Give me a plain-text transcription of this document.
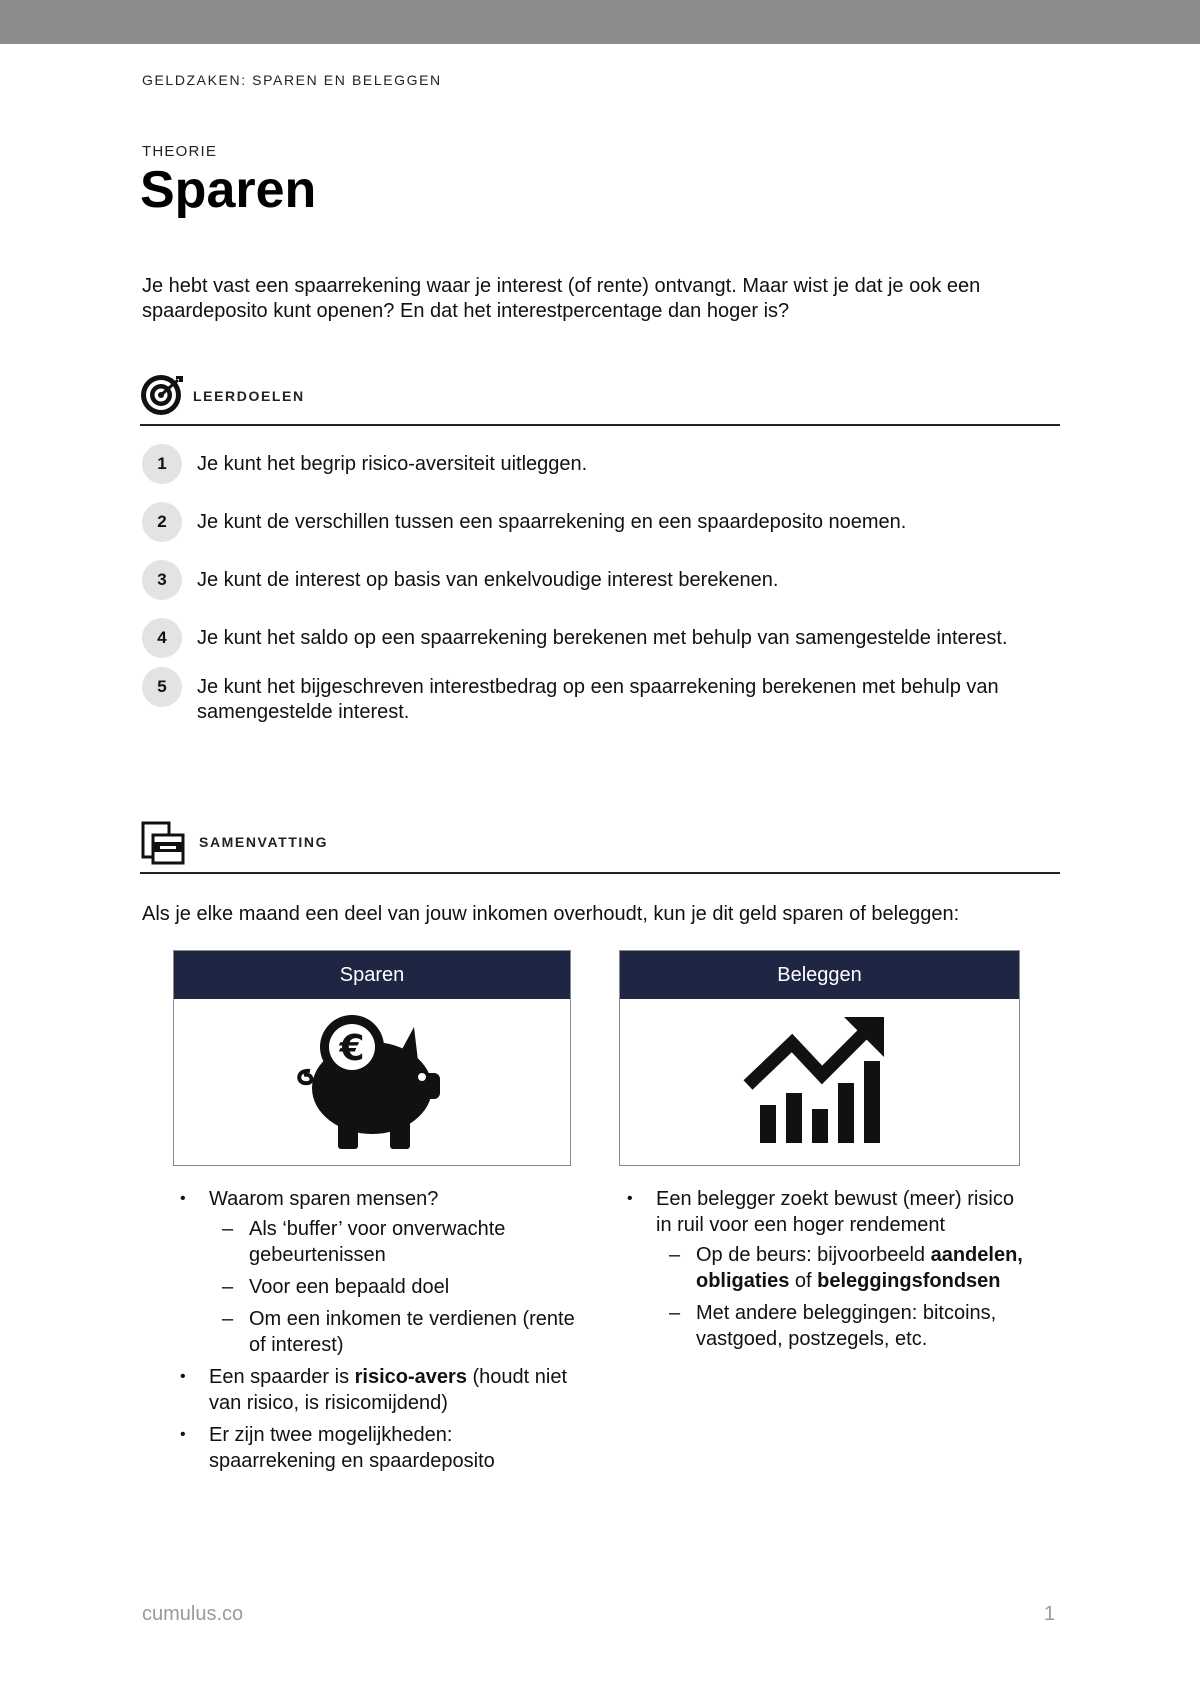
GELDZAKEN: SPAREN EN BELEGGEN
THEORIE
Sparen

Je hebt vast een spaarrekening waar je interest (of rente) ontvangt. Maar wist je dat je ook een spaardeposito kunt openen? En dat het interestpercentage dan hoger is?

LEERDOELEN
1	Je kunt het begrip risico-aversiteit uitleggen.
2	Je kunt de verschillen tussen een spaarrekening en een spaardeposito noemen.
3	Je kunt de interest op basis van enkelvoudige interest berekenen.
4	Je kunt het saldo op een spaarrekening berekenen met behulp van samengestelde interest.
5	Je kunt het bijgeschreven interestbedrag op een spaarrekening berekenen met behulp van samengestelde interest.
SAMENVATTING

Als je elke maand een deel van jouw inkomen overhoudt, kun je dit geld sparen of beleggen:

Sparen
€
Beleggen
• Waarom sparen mensen?
– Als ‘buffer’ voor onverwachte gebeurtenissen
– Voor een bepaald doel
– Om een inkomen te verdienen (rente of interest)
• Een spaarder is risico-avers (houdt niet van risico, is risicomijdend)
• Er zijn twee mogelijkheden: spaarrekening en spaardeposito
• Een belegger zoekt bewust (meer) risico in ruil voor een hoger rendement
– Op de beurs: bijvoorbeeld aandelen, obligaties of beleggingsfondsen
– Met andere beleggingen: bitcoins, vastgoed, postzegels, etc.
cumulus.co	1
